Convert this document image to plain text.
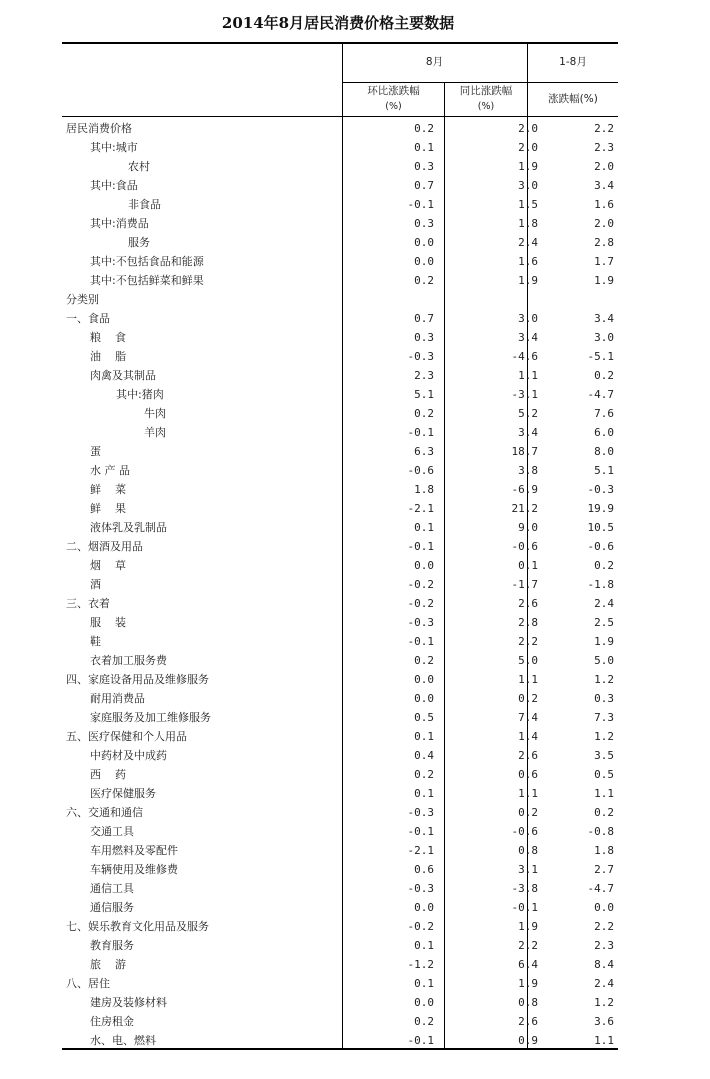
2014年8月居民消费价格主要数据
8月	1-8月
环比涨跌幅
(%)
同比涨跌幅
(%)
涨跌幅(%)
居民消费价格	0.2	2.0	2.2
其中:城市	0.1	2.0	2.3
农村	0.3	1.9	2.0
其中:食品	0.7	3.0	3.4
非食品	-0.1	1.5	1.6
其中:消费品	0.3	1.8	2.0
服务	0.0	2.4	2.8
其中:不包括食品和能源	0.0	1.6	1.7
其中:不包括鲜菜和鲜果	0.2	1.9	1.9
分类别
一、食品	0.7	3.0	3.4
粮    食	0.3	3.4	3.0
油    脂	-0.3	-4.6	-5.1
肉禽及其制品	2.3	1.1	0.2
其中:猪肉	5.1	-3.1	-4.7
牛肉	0.2	5.2	7.6
羊肉	-0.1	3.4	6.0
蛋	6.3	18.7	8.0
水 产 品	-0.6	3.8	5.1
鲜    菜	1.8	-6.9	-0.3
鲜    果	-2.1	21.2	19.9
液体乳及乳制品	0.1	9.0	10.5
二、烟酒及用品	-0.1	-0.6	-0.6
烟    草	0.0	0.1	0.2
酒	-0.2	-1.7	-1.8
三、衣着	-0.2	2.6	2.4
服    装	-0.3	2.8	2.5
鞋	-0.1	2.2	1.9
衣着加工服务费	0.2	5.0	5.0
四、家庭设备用品及维修服务	0.0	1.1	1.2
耐用消费品	0.0	0.2	0.3
家庭服务及加工维修服务	0.5	7.4	7.3
五、医疗保健和个人用品	0.1	1.4	1.2
中药材及中成药	0.4	2.6	3.5
西    药	0.2	0.6	0.5
医疗保健服务	0.1	1.1	1.1
六、交通和通信	-0.3	0.2	0.2
交通工具	-0.1	-0.6	-0.8
车用燃料及零配件	-2.1	0.8	1.8
车辆使用及维修费	0.6	3.1	2.7
通信工具	-0.3	-3.8	-4.7
通信服务	0.0	-0.1	0.0
七、娱乐教育文化用品及服务	-0.2	1.9	2.2
教育服务	0.1	2.2	2.3
旅    游	-1.2	6.4	8.4
八、居住	0.1	1.9	2.4
建房及装修材料	0.0	0.8	1.2
住房租金	0.2	2.6	3.6
水、电、燃料	-0.1	0.9	1.1
